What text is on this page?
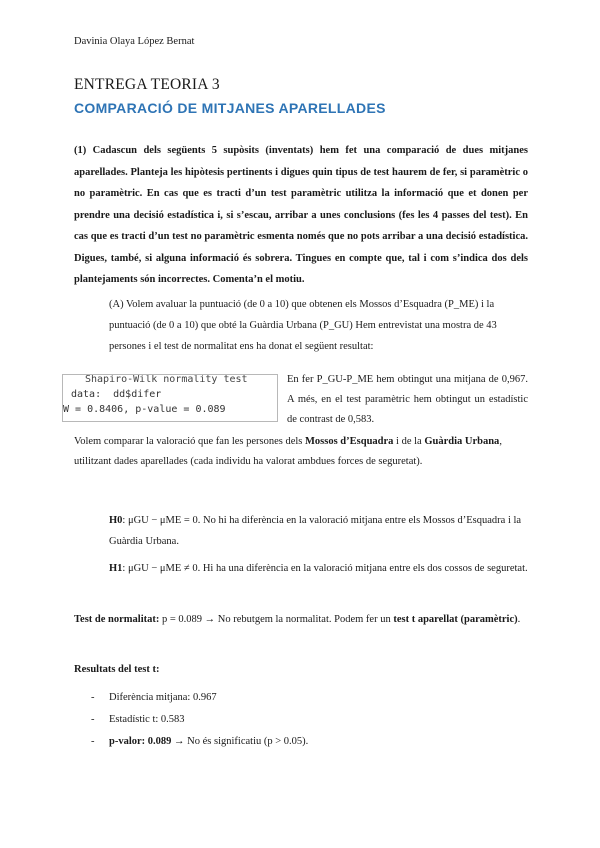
Davinia Olaya López Bernat
ENTREGA TEORIA 3
COMPARACIÓ DE MITJANES APARELLADES

(1) Cadascun dels següents 5 supòsits (inventats) hem fet una comparació de dues mitjanes aparellades. Planteja les hipòtesis pertinents i digues quin tipus de test haurem de fer, si paramètric o no paramètric. En cas que es tracti d’un test paramètric utilitza la informació que et donen per prendre una decisió estadística i, si s’escau, arribar a unes conclusions (fes les 4 passes del test). En cas que es tracti d’un test no paramètric esmenta només que no pots arribar a una decisió estadística. Digues, també, si alguna informació és sobrera. Tingues en compte que, tal i com s’indica dos dels plantejaments són incorrectes. Comenta’n el motiu.

(A) Volem avaluar la puntuació (de 0 a 10) que obtenen els Mossos d’Esquadra (P_ME) i la puntuació (de 0 a 10) que obté la Guàrdia Urbana (P_GU) Hem entrevistat una mostra de 43 persones i el test de normalitat ens ha donat el següent resultat:

Shapiro-Wilk normality test
data:  dd$difer
W = 0.8406, p-value = 0.089

En fer P_GU-P_ME hem obtingut una mitjana de 0,967. A més, en el test paramètric hem obtingut un estadístic de contrast de 0,583.

Volem comparar la valoració que fan les persones dels Mossos d’Esquadra i de la Guàrdia Urbana, utilitzant dades aparellades (cada individu ha valorat ambdues forces de seguretat).

H0: μGU − μME = 0. No hi ha diferència en la valoració mitjana entre els Mossos d’Esquadra i la Guàrdia Urbana.

H1: μGU − μME ≠ 0. Hi ha una diferència en la valoració mitjana entre els dos cossos de seguretat.

Test de normalitat: p = 0.089 → No rebutgem la normalitat. Podem fer un test t aparellat (paramètric).

Resultats del test t:

- Diferència mitjana: 0.967
- Estadístic t: 0.583
- p-valor: 0.089 → No és significatiu (p > 0.05).
